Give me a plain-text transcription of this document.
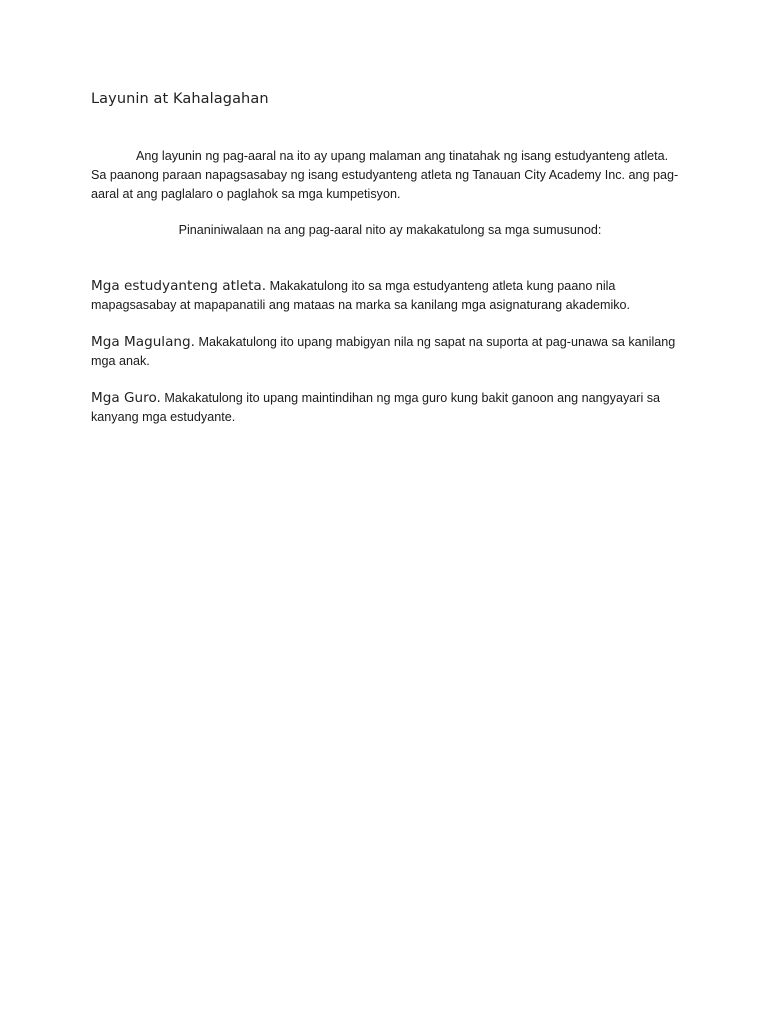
Layunin at Kahalagahan

Ang layunin ng pag-aaral na ito ay upang malaman ang tinatahak ng isang estudyanteng atleta. Sa paanong paraan napagsasabay ng isang estudyanteng atleta ng Tanauan City Academy Inc. ang pag-aaral at ang paglalaro o paglahok sa mga kumpetisyon.

Pinaniniwalaan na ang pag-aaral nito ay makakatulong sa mga sumusunod:

Mga estudyanteng atleta. Makakatulong ito sa mga estudyanteng atleta kung paano nila mapagsasabay at mapapanatili ang mataas na marka sa kanilang mga asignaturang akademiko.

Mga Magulang. Makakatulong ito upang mabigyan nila ng sapat na suporta at pag-unawa sa kanilang mga anak.

Mga Guro. Makakatulong ito upang maintindihan ng mga guro kung bakit ganoon ang nangyayari sa kanyang mga estudyante.
